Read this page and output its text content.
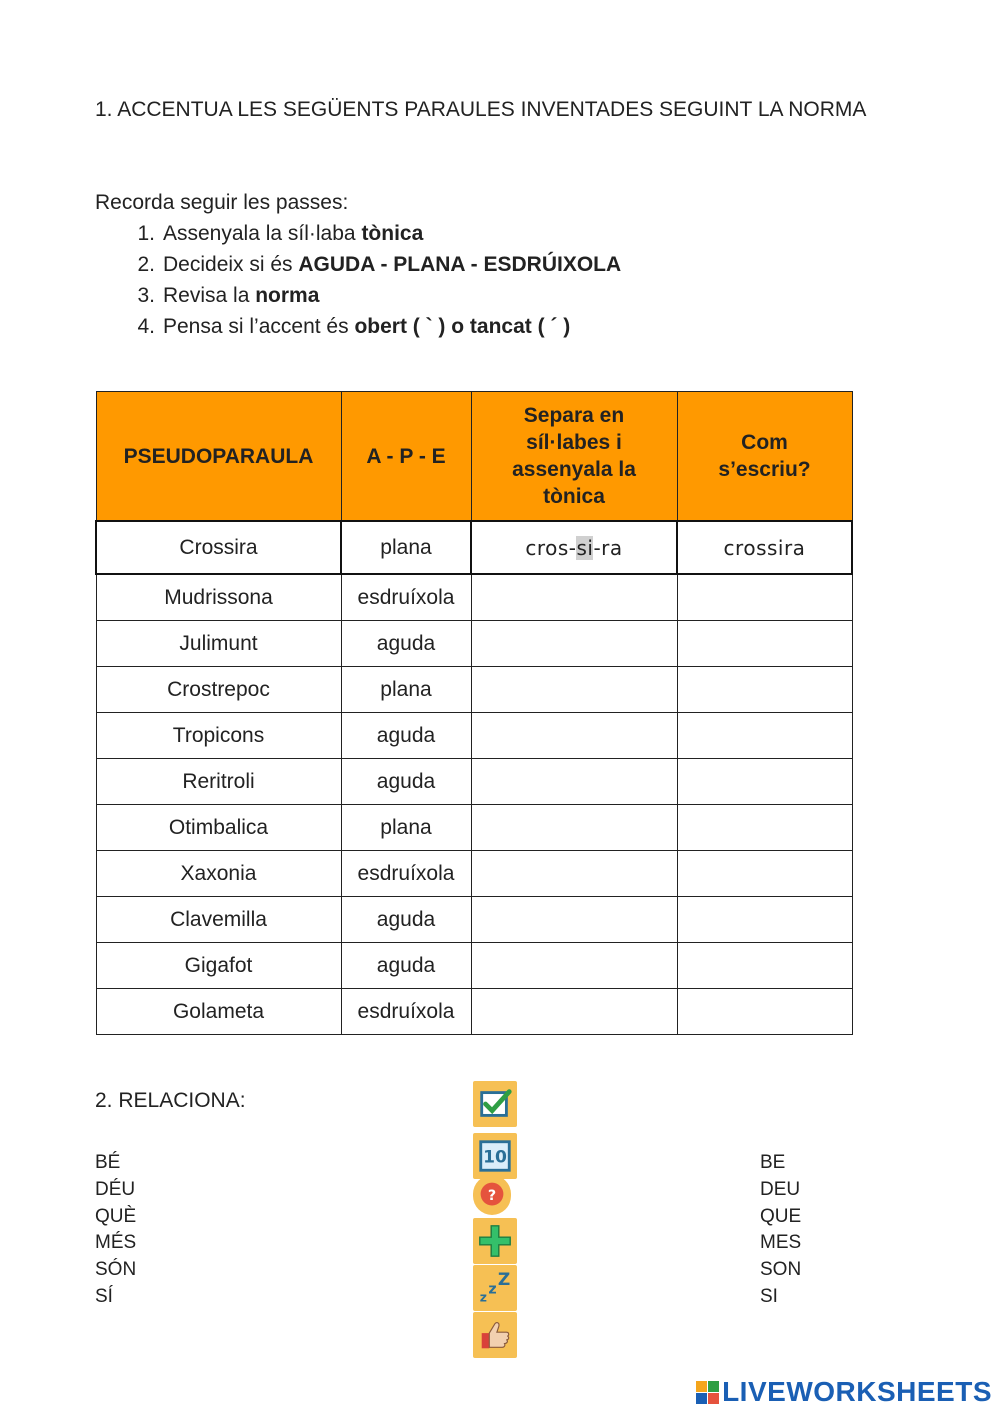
1. ACCENTUA LES SEGÜENTS PARAULES INVENTADES SEGUINT LA NORMA
Recorda seguir les passes:
1. Assenyala la síl·laba tònica
2. Decideix si és AGUDA - PLANA - ESDRÚIXOLA
3. Revisa la norma
4. Pensa si l’accent és obert ( ` ) o tancat ( ´ )
PSEUDOPARAULA	A - P - E	Separa en síl·labes i assenyala la tònica	Com s’escriu?
Crossira	plana	cros-si-ra	crossira
Mudrissona	esdruíxola		
Julimunt	aguda		
Crostrepoc	plana		
Tropicons	aguda		
Reritroli	aguda		
Otimbalica	plana		
Xaxonia	esdruíxola		
Clavemilla	aguda		
Gigafot	aguda		
Golameta	esdruíxola		
2. RELACIONA:
BÉ
DÉU
QUÈ
MÉS
SÓN
SÍ
BE
DEU
QUE
MES
SON
SI
10
?
z z Z
LIVEWORKSHEETS
